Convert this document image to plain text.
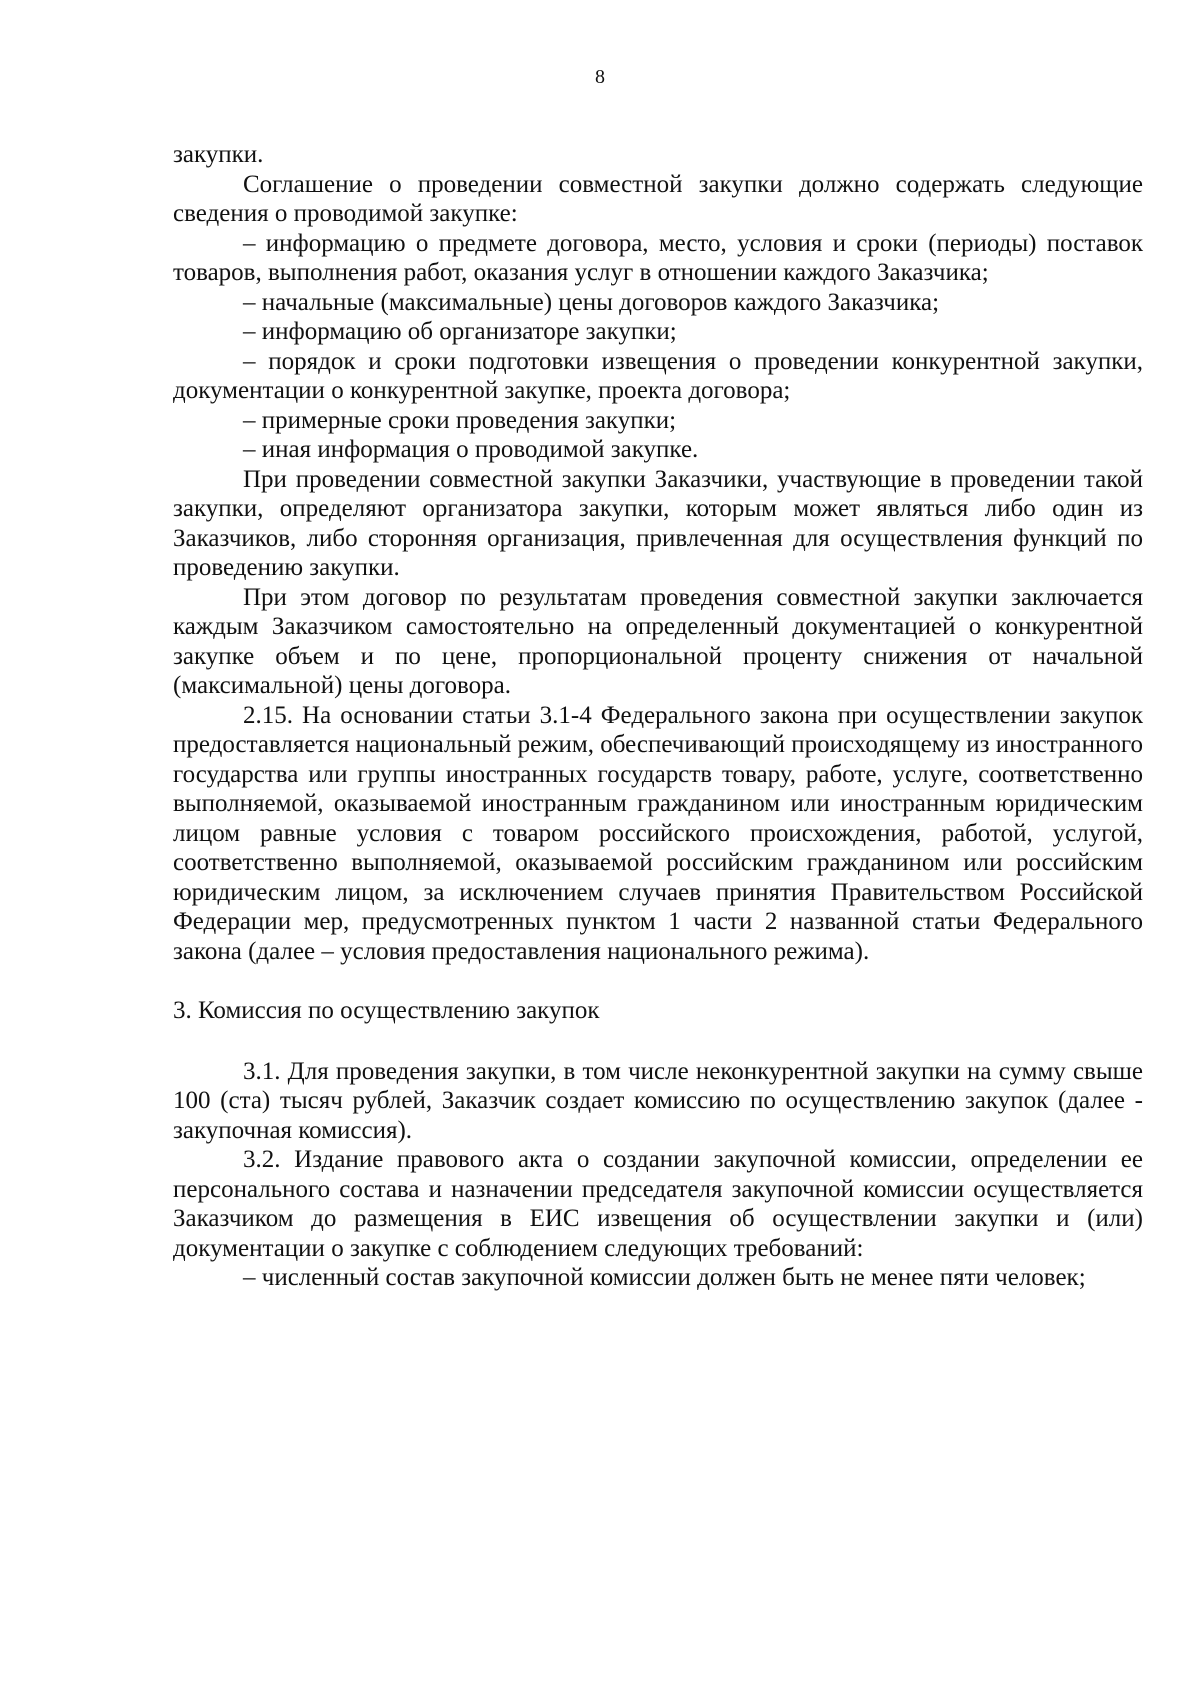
8
закупки.
Соглашение о проведении совместной закупки должно содержать следующие сведения о проводимой закупке:
– информацию о предмете договора, место, условия и сроки (периоды) поставок товаров, выполнения работ, оказания услуг в отношении каждого Заказчика;
– начальные (максимальные) цены договоров каждого Заказчика;
– информацию об организаторе закупки;
– порядок и сроки подготовки извещения о проведении конкурентной закупки, документации о конкурентной закупке, проекта договора;
– примерные сроки проведения закупки;
– иная информация о проводимой закупке.
При проведении совместной закупки Заказчики, участвующие в проведении такой закупки, определяют организатора закупки, которым может являться либо один из Заказчиков, либо сторонняя организация, привлеченная для осуществления функций по проведению закупки.
При этом договор по результатам проведения совместной закупки заключается каждым Заказчиком самостоятельно на определенный документацией о конкурентной закупке объем и по цене, пропорциональной проценту снижения от начальной (максимальной) цены договора.
2.15. На основании статьи 3.1-4 Федерального закона при осуществлении закупок предоставляется национальный режим, обеспечивающий происходящему из иностранного государства или группы иностранных государств товару, работе, услуге, соответственно выполняемой, оказываемой иностранным гражданином или иностранным юридическим лицом равные условия с товаром российского происхождения, работой, услугой, соответственно выполняемой, оказываемой российским гражданином или российским юридическим лицом, за исключением случаев принятия Правительством Российской Федерации мер, предусмотренных пунктом 1 части 2 названной статьи Федерального закона (далее – условия предоставления национального режима).
3. Комиссия по осуществлению закупок
3.1. Для проведения закупки, в том числе неконкурентной закупки на сумму свыше 100 (ста) тысяч рублей, Заказчик создает комиссию по осуществлению закупок (далее - закупочная комиссия).
3.2. Издание правового акта о создании закупочной комиссии, определении ее персонального состава и назначении председателя закупочной комиссии осуществляется Заказчиком до размещения в ЕИС извещения об осуществлении закупки и (или) документации о закупке с соблюдением следующих требований:
– численный состав закупочной комиссии должен быть не менее пяти человек;
